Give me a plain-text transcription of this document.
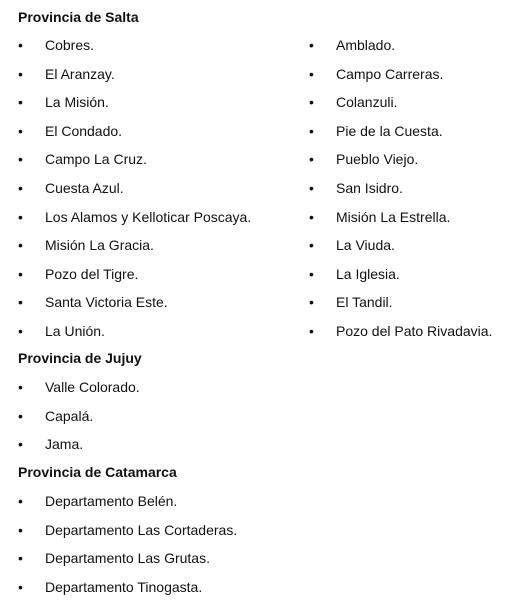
Provincia de Salta
•	Cobres.
•	El Aranzay.
•	La Misión.
•	El Condado.
•	Campo La Cruz.
•	Cuesta Azul.
•	Los Alamos y Kelloticar Poscaya.
•	Misión La Gracia.
•	Pozo del Tigre.
•	Santa Victoria Este.
•	La Unión.
•	Amblado.
•	Campo Carreras.
•	Colanzuli.
•	Pie de la Cuesta.
•	Pueblo Viejo.
•	San Isidro.
•	Misión La Estrella.
•	La Viuda.
•	La Iglesia.
•	El Tandil.
•	Pozo del Pato Rivadavia.
Provincia de Jujuy
•	Valle Colorado.
•	Capalá.
•	Jama.
Provincia de Catamarca
•	Departamento Belén.
•	Departamento Las Cortaderas.
•	Departamento Las Grutas.
•	Departamento Tinogasta.
